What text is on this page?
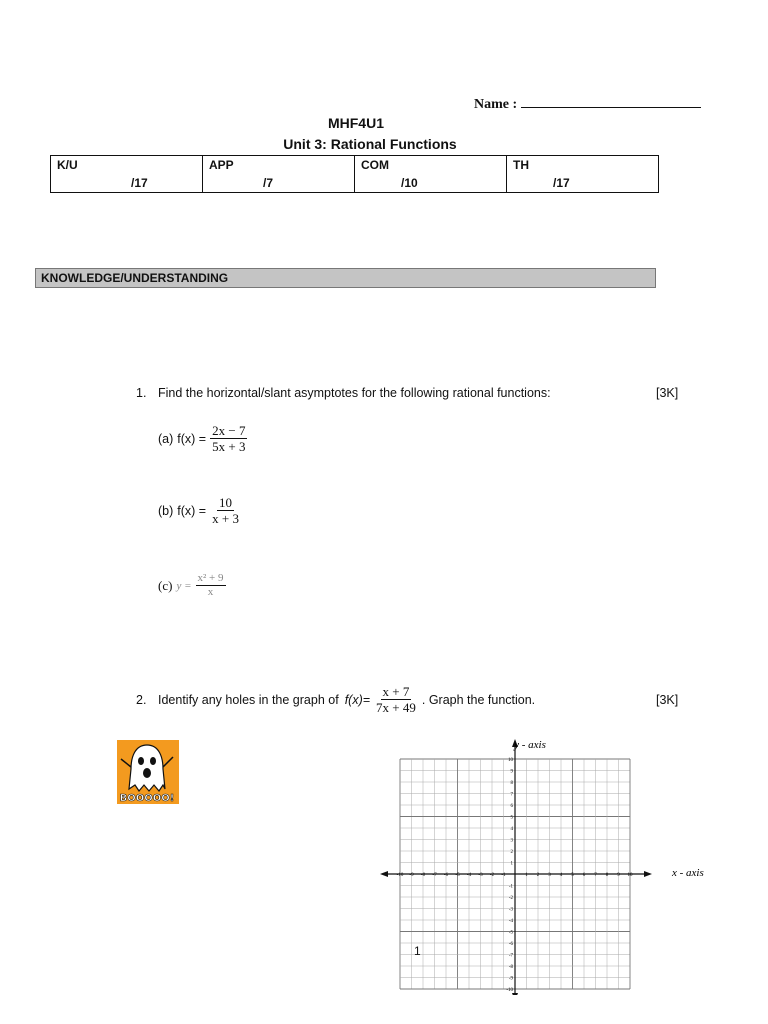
Name :
MHF4U1
Unit 3: Rational Functions
K/U
/17

APP
/7

COM
/10

TH
/17
KNOWLEDGE/UNDERSTANDING
1. Find the horizontal/slant asymptotes for the following rational functions:	[3K]
(a) $f(x) = \frac{2x - 7}{5x + 3}$
(b) $f(x) = \frac{10}{x + 3}$
(c) $y = \frac{\text{x² + 9}}{x}$
2. Identify any holes in the graph of $f(x)= \frac{x + 7}{7x + 49}$ . Graph the function.	[3K]
BOOOOO!
-10
-10
-9
-9
-8
-8
-7
-7
-6
-6
-5
-5
-4
-4
-3
-3
-2
-2
-1
-1
1
1
2
2
3
3
4
4
5
5
6
6
7
7
8
8
9
9
10
10
y - axis
x - axis
1
